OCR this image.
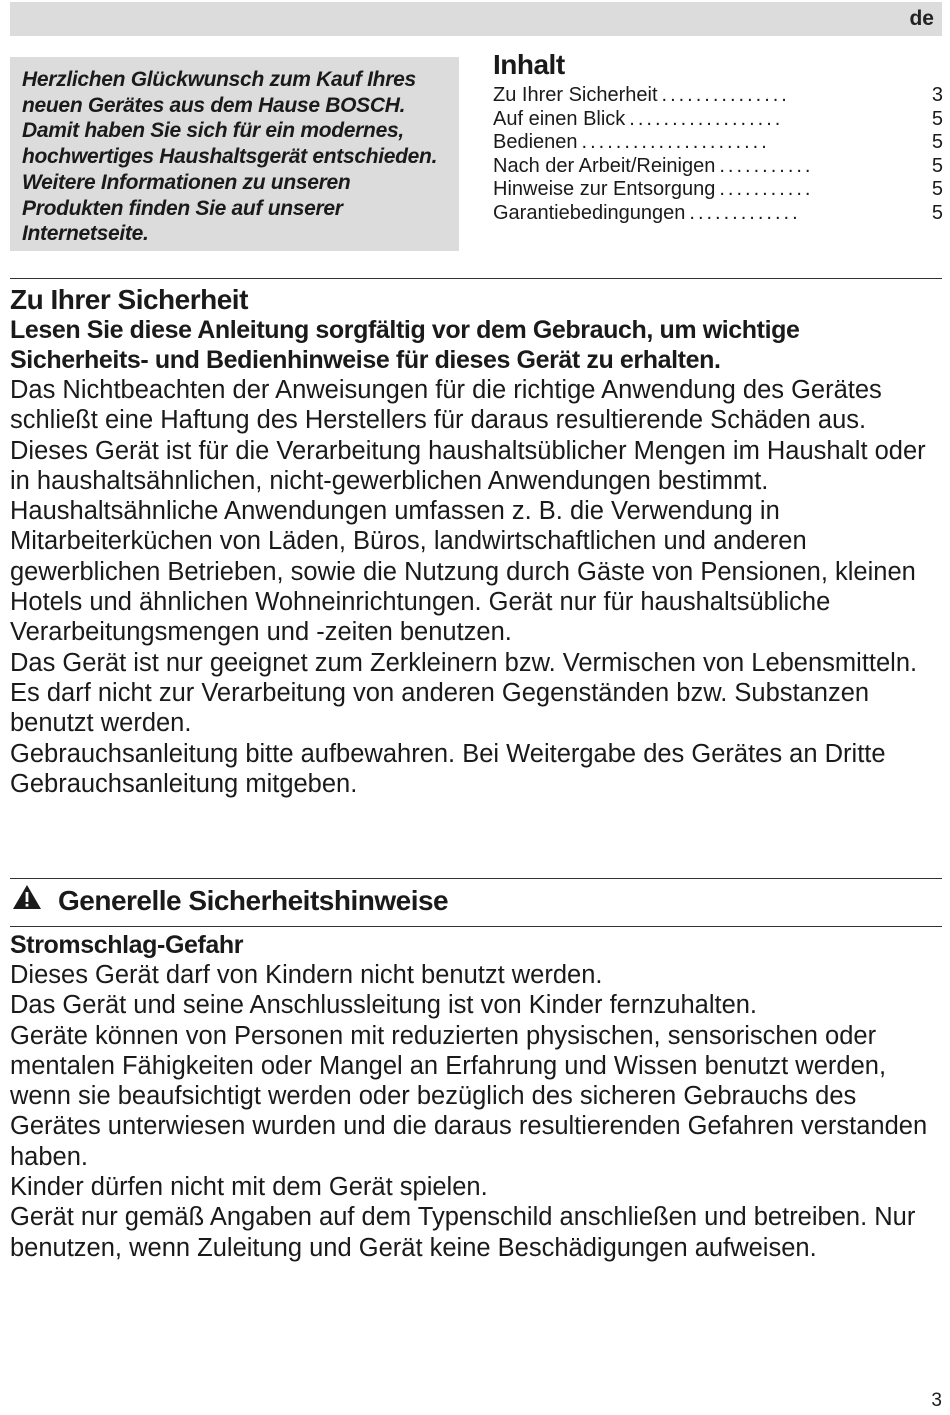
de

Herzlichen Glückwunsch zum Kauf Ihres neuen Gerätes aus dem Hause BOSCH. Damit haben Sie sich für ein modernes, hochwertiges Haushaltsgerät entschieden. Weitere Informationen zu unseren Produkten finden Sie auf unserer Internetseite.

Inhalt
Zu Ihrer Sicherheit ...............	3
Auf einen Blick ..................	5
Bedienen ......................	5
Nach der Arbeit/Reinigen ...........	5
Hinweise zur Entsorgung ...........	5
Garantiebedingungen .............	5
Zu Ihrer Sicherheit

Lesen Sie diese Anleitung sorgfältig vor dem Gebrauch, um wichtige Sicherheits- und Bedienhinweise für dieses Gerät zu erhalten.

Das Nichtbeachten der Anweisungen für die richtige Anwendung des Gerätes schließt eine Haftung des Herstellers für daraus resultierende Schäden aus.

Dieses Gerät ist für die Verarbeitung haushaltsüblicher Mengen im Haushalt oder in haushaltsähnlichen, nicht-gewerblichen Anwendungen bestimmt. Haushaltsähnliche Anwendungen umfassen z. B. die Verwendung in Mitarbeiterküchen von Läden, Büros, landwirtschaftlichen und anderen gewerblichen Betrieben, sowie die Nutzung durch Gäste von Pensionen, kleinen Hotels und ähnlichen Wohneinrichtungen. Gerät nur für haushaltsübliche Verarbeitungsmengen und -zeiten benutzen.

Das Gerät ist nur geeignet zum Zerkleinern bzw. Vermischen von Lebensmitteln. Es darf nicht zur Verarbeitung von anderen Gegenständen bzw. Substanzen benutzt werden.

Gebrauchsanleitung bitte aufbewahren. Bei Weitergabe des Gerätes an Dritte Gebrauchsanleitung mitgeben.

Generelle Sicherheitshinweise
Stromschlag-Gefahr

Dieses Gerät darf von Kindern nicht benutzt werden.

Das Gerät und seine Anschlussleitung ist von Kinder fernzuhalten.

Geräte können von Personen mit reduzierten physischen, sensorischen oder mentalen Fähigkeiten oder Mangel an Erfahrung und Wissen benutzt werden, wenn sie beaufsichtigt werden oder bezüglich des sicheren Gebrauchs des Gerätes unterwiesen wurden und die daraus resultierenden Gefahren verstanden haben.

Kinder dürfen nicht mit dem Gerät spielen.

Gerät nur gemäß Angaben auf dem Typenschild anschließen und betreiben. Nur benutzen, wenn Zuleitung und Gerät keine Beschädigungen aufweisen.

3
